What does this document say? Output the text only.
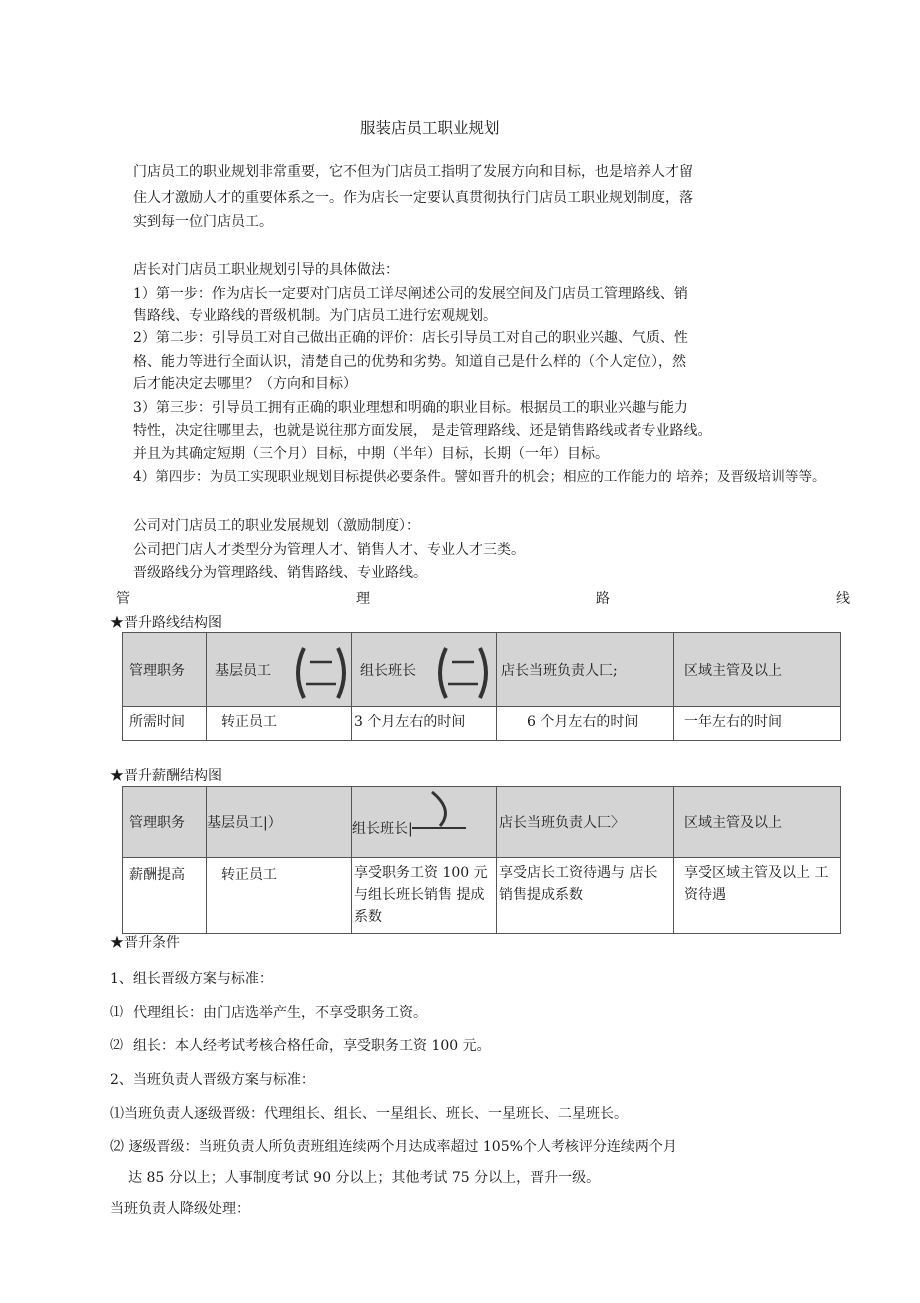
服装店员工职业规划
门店员工的职业规划非常重要，它不但为门店员工指明了发展方向和目标，也是培养人才留
住人才激励人才的重要体系之一。作为店长一定要认真贯彻执行门店员工职业规划制度，落
实到每一位门店员工。
店长对门店员工职业规划引导的具体做法：
1）第一步：作为店长一定要对门店员工详尽阐述公司的发展空间及门店员工管理路线、销
售路线、专业路线的晋级机制。为门店员工进行宏观规划。
2）第二步：引导员工对自己做出正确的评价：店长引导员工对自己的职业兴趣、气质、性
格、能力等进行全面认识，清楚自己的优势和劣势。知道自己是什么样的（个人定位），然
后才能决定去哪里？（方向和目标）
3）第三步：引导员工拥有正确的职业理想和明确的职业目标。根据员工的职业兴趣与能力
特性，决定往哪里去，也就是说往那方面发展， 是走管理路线、还是销售路线或者专业路线。
并且为其确定短期（三个月）目标，中期（半年）目标，长期（一年）目标。
4）第四步：为员工实现职业规划目标提供必要条件。譬如晋升的机会；相应的工作能力的 培养；及晋级培训等等。
公司对门店员工的职业发展规划（激励制度）：
公司把门店人才类型分为管理人才、销售人才、专业人才三类。
晋级路线分为管理路线、销售路线、专业路线。
管	理	路	线
★晋升路线结构图
管理职务	基层员工	组长班长	店长当班负责人匚;	区域主管及以上
所需时间	转正员工	3 个月左右的时间	6 个月左右的时间	一年左右的时间
★晋升薪酬结构图
管理职务	基层员工|）	组长班长|	店长当班负责人匚〉	区域主管及以上
薪酬提高	转正员工	享受职务工资 100 元与组长班长销售 提成系数	享受店长工资待遇与 店长销售提成系数	享受区域主管及以上 工资待遇
★晋升条件
1、组长晋级方案与标准：
⑴ 代理组长：由门店选举产生，不享受职务工资。
⑵ 组长：本人经考试考核合格任命，享受职务工资 100 元。
2、当班负责人晋级方案与标准：
⑴当班负责人逐级晋级：代理组长、组长、一星组长、班长、一星班长、二星班长。
⑵ 逐级晋级：当班负责人所负责班组连续两个月达成率超过 105%个人考核评分连续两个月
达 85 分以上；人事制度考试 90 分以上；其他考试 75 分以上，晋升一级。
当班负责人降级处理：
